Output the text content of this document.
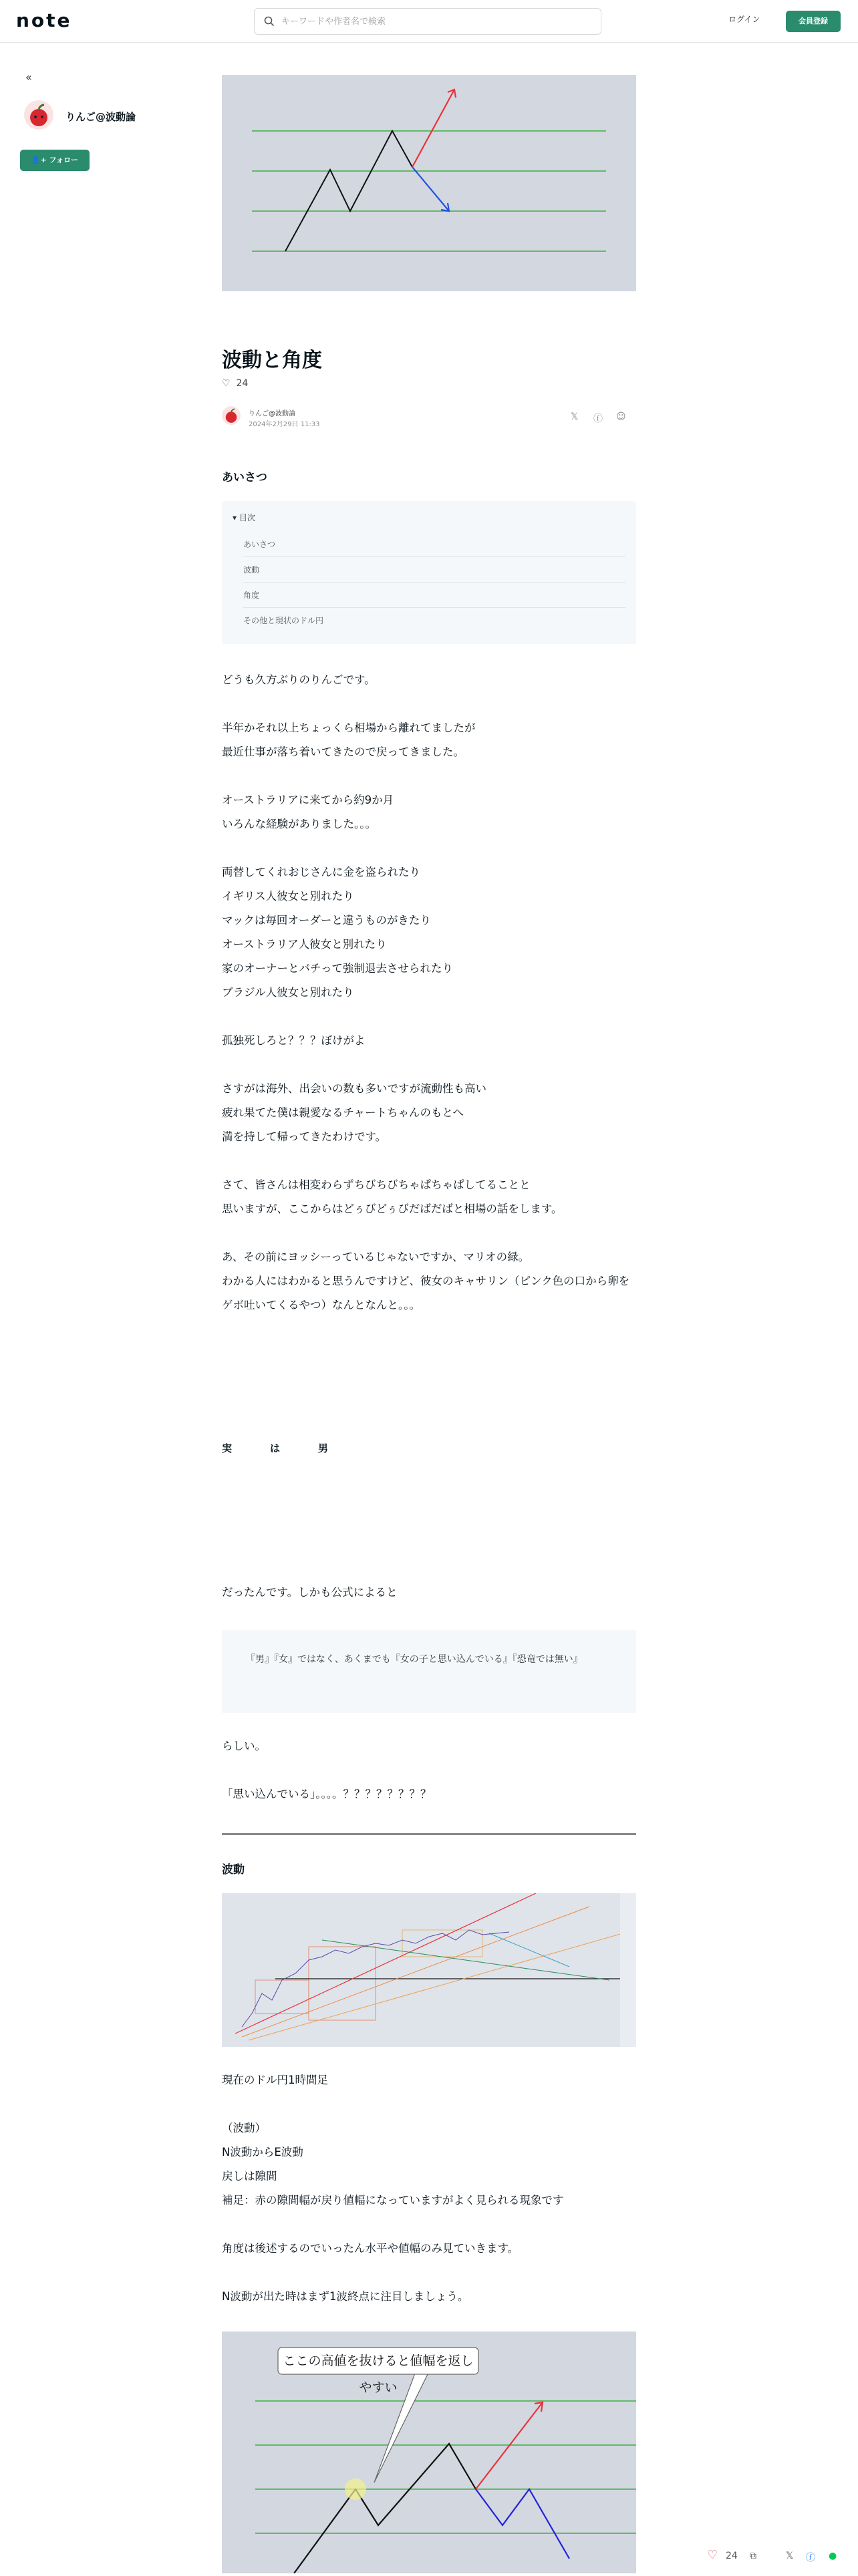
note
キーワードや作者名で検索	ログイン	会員登録
«
りんご@波動論
👤+ フォロー
波動と角度
♡ 24
りんご@波動論
2024年2月29日 11:33
𝕏 ⓕ ☺
あいさつ
▾ 目次
あいさつ
波動
角度
その他と現状のドル円
どうも久方ぶりのりんごです。

半年かそれ以上ちょっくら相場から離れてましたが
最近仕事が落ち着いてきたので戻ってきました。

オーストラリアに来てから約9か月
いろんな経験がありました。。。

両替してくれおじさんに金を盗られたり
イギリス人彼女と別れたり
マックは毎回オーダーと違うものがきたり
オーストラリア人彼女と別れたり
家のオーナーとバチって強制退去させられたり
ブラジル人彼女と別れたり

孤独死しろと？？？ぼけがよ

さすがは海外、出会いの数も多いですが流動性も高い
疲れ果てた僕は親愛なるチャートちゃんのもとへ
満を持して帰ってきたわけです。

さて、皆さんは相変わらずちびちびちゃぱちゃぱしてることと
思いますが、ここからはどぅびどぅびだばだばと相場の話をします。

あ、その前にヨッシーっているじゃないですか、マリオの緑。
わかる人にはわかると思うんですけど、彼女のキャサリン（ピンク色の口から卵をゲボ吐いてくるやつ）なんとなんと。。。
実	は	男
だったんです。しかも公式によると
『男』『女』ではなく、あくまでも『女の子と思い込んでいる』『恐竜では無い』
らしい。

「思い込んでいる」。。。。？？？？？？？？
波動
現在のドル円1時間足

（波動）
N波動からE波動
戻しは隙間
補足：赤の隙間幅が戻り値幅になっていますがよく見られる現象です

角度は後述するのでいったん水平や値幅のみ見ていきます。

N波動が出た時はまず1波終点に注目しましょう。
ここの高値を抜けると値幅を返しやすい
♡ 24 ⧉	𝕏 ⓕ ●
